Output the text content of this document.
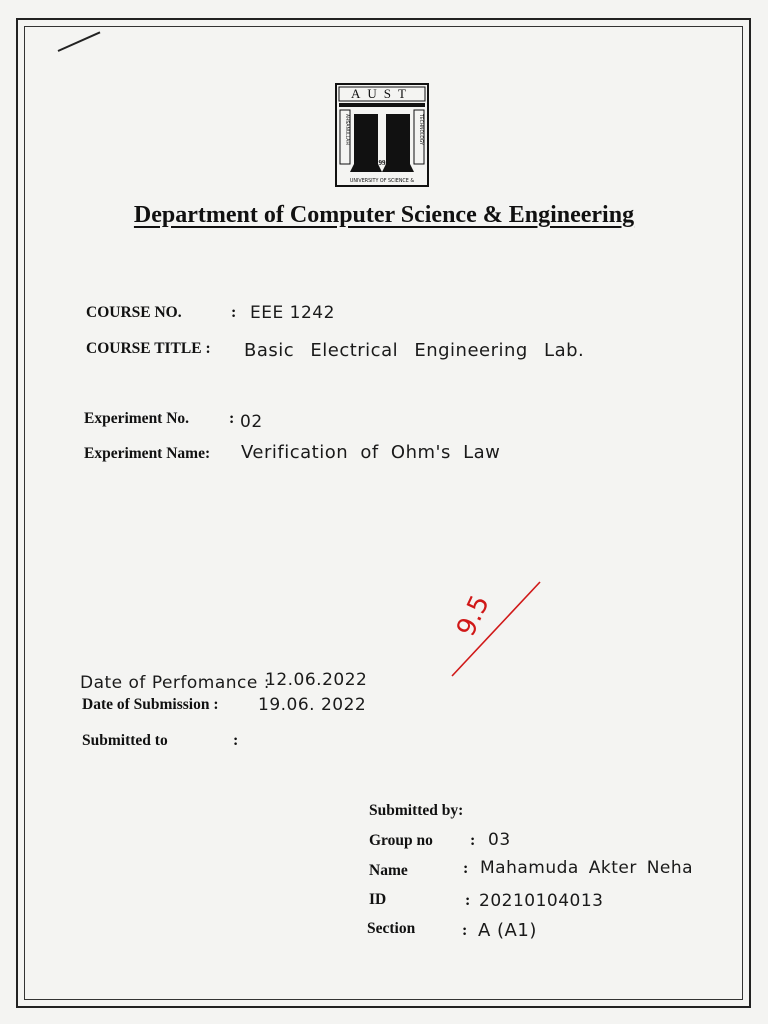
AUST
AHSANULLAH	TECHNOLOGY
1995
UNIVERSITY OF SCIENCE &
Department of Computer Science & Engineering
COURSE NO.	: EEE 1242
COURSE TITLE : Basic Electrical Engineering Lab.
Experiment No. : 02
Experiment Name: Verification of Ohm's Law
9.5
Date of Perfomance :
12.06.2022
Date of Submission : 19.06. 2022
Submitted to	:
Submitted by:
Group no : 03
Name	: Mahamuda Akter Neha
ID	: 20210104013
Section	: A (A1)
